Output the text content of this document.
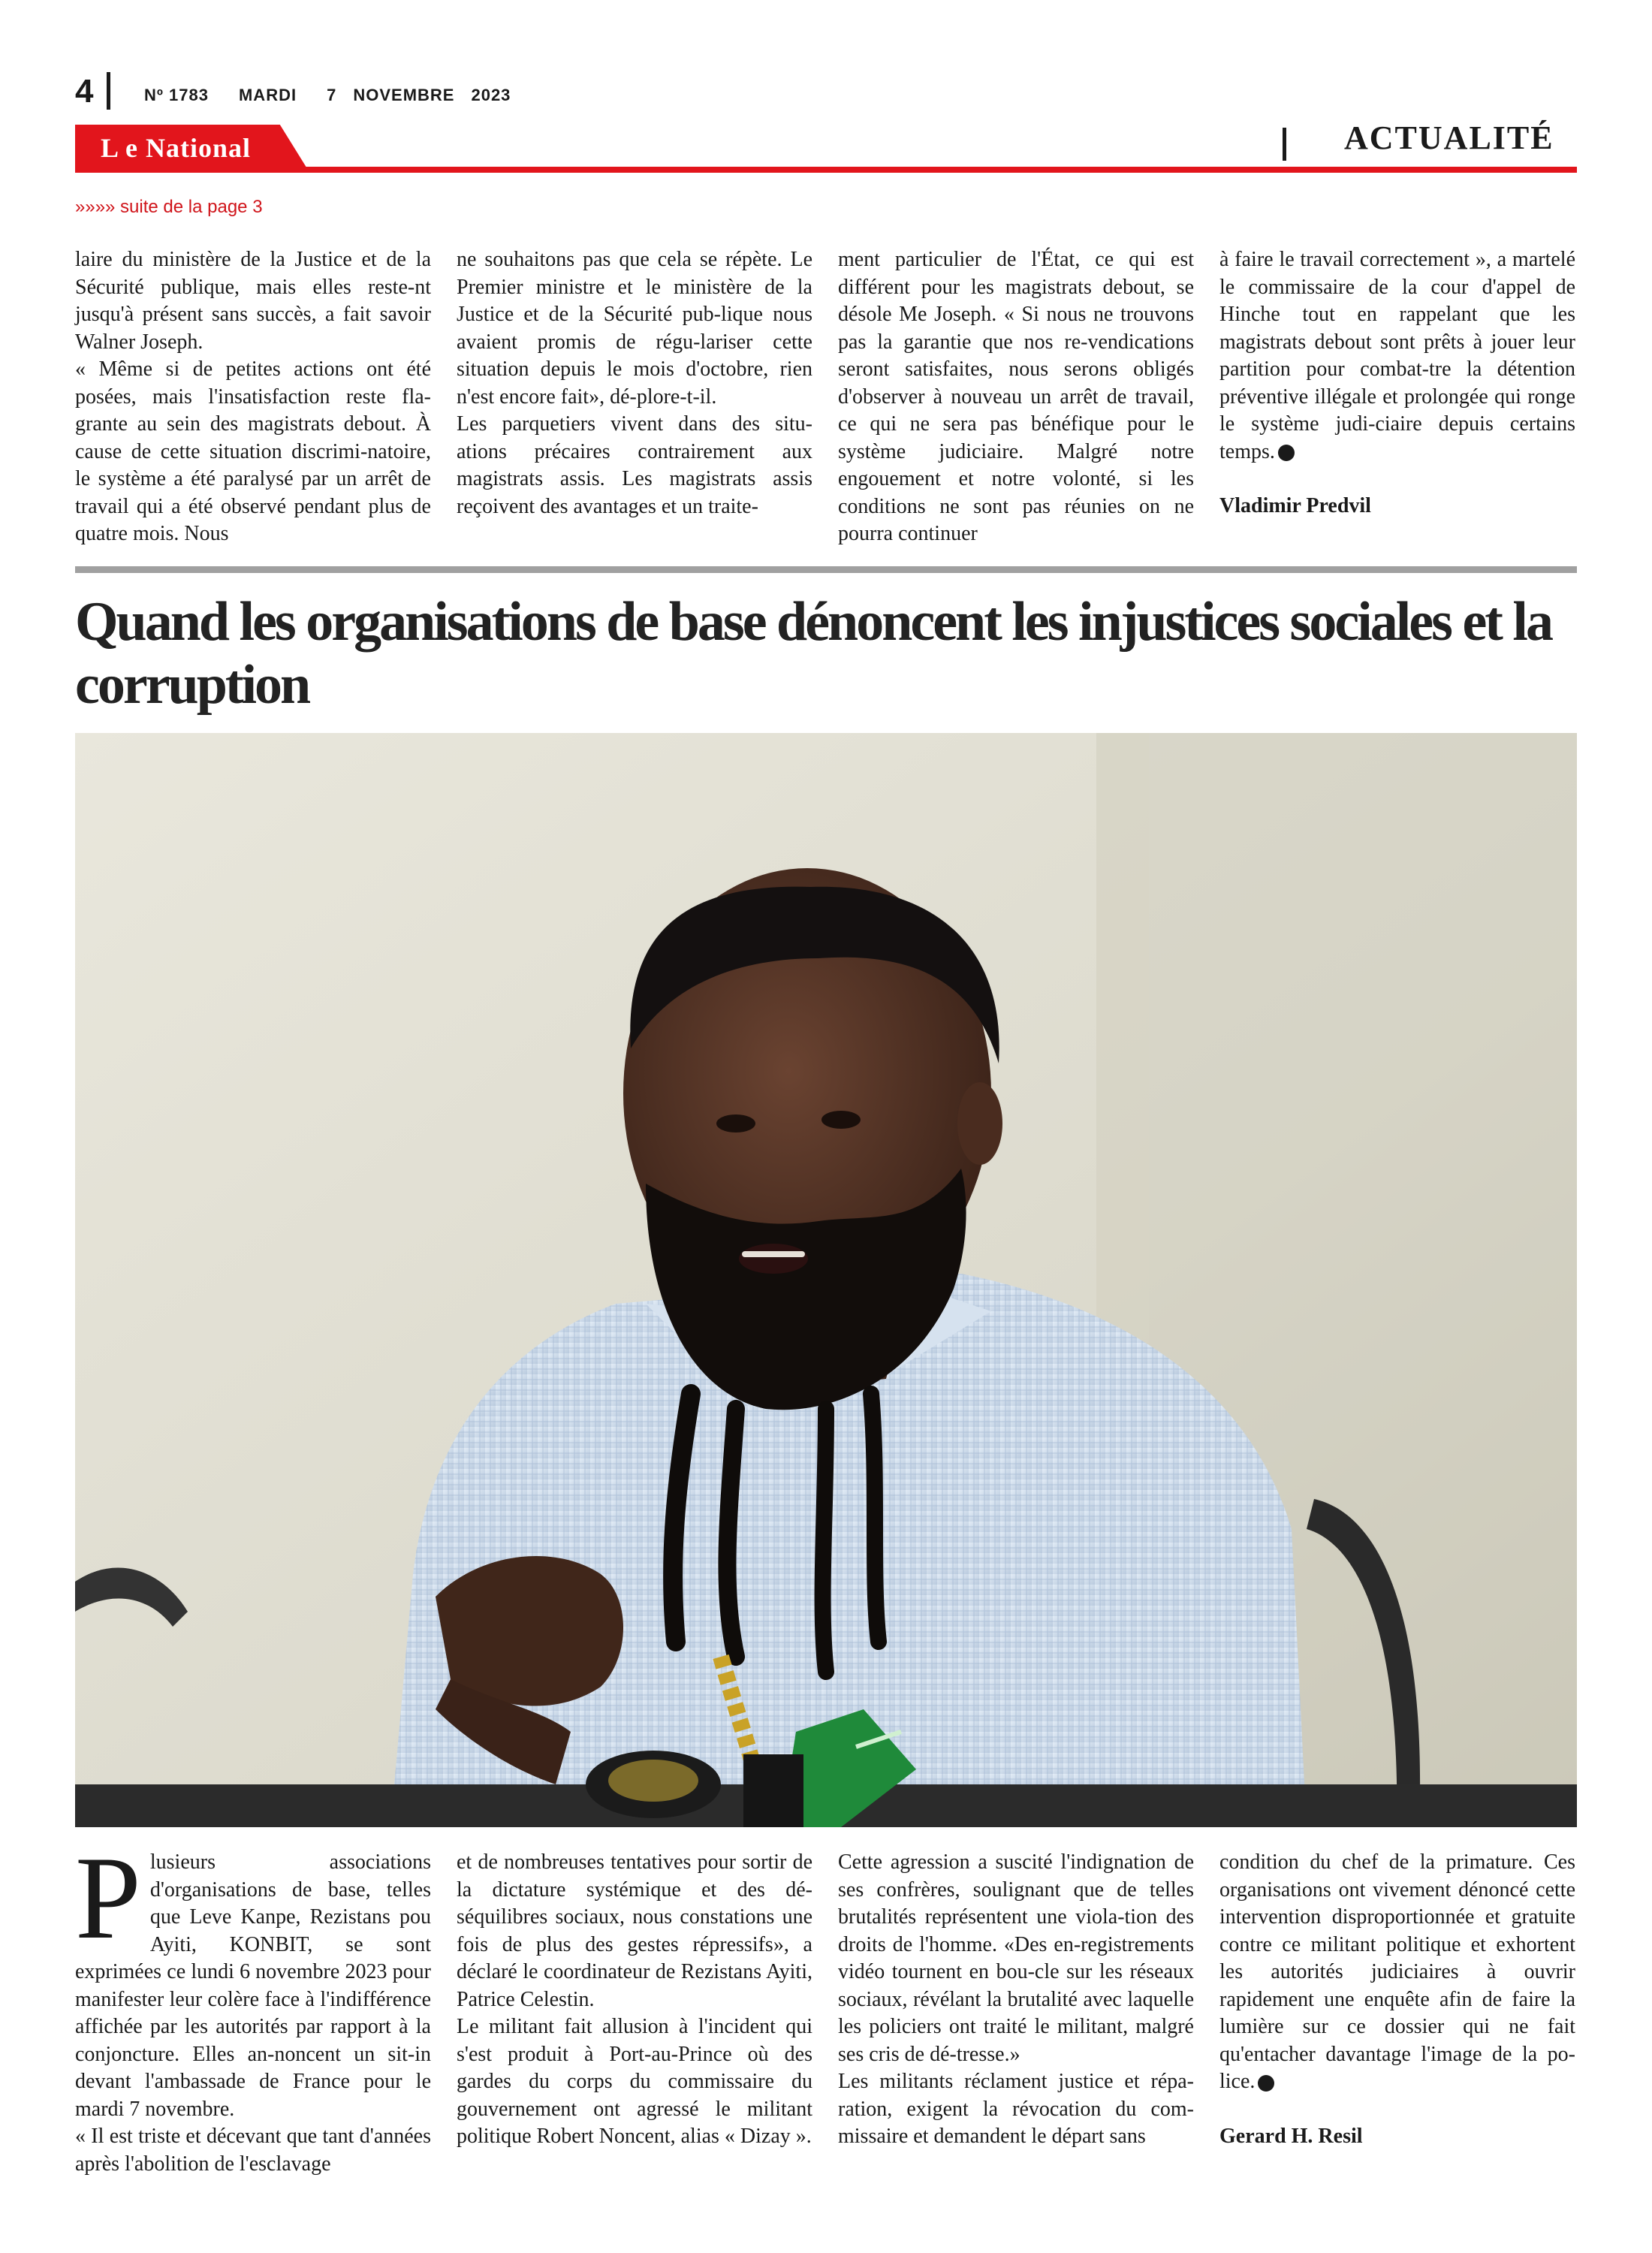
4	Nº 1783 MARDI 7 NOVEMBRE 2023
L e National	ACTUALITÉ
»»»» suite de la page 3

laire du ministère de la Justice et de la Sécurité publique, mais elles reste-nt jusqu'à présent sans succès, a fait savoir Walner Joseph.

« Même si de petites actions ont été posées, mais l'insatisfaction reste fla-grante au sein des magistrats debout. À cause de cette situation discrimi-natoire, le système a été paralysé par un arrêt de travail qui a été observé pendant plus de quatre mois. Nous

ne souhaitons pas que cela se répète. Le Premier ministre et le ministère de la Justice et de la Sécurité pub-lique nous avaient promis de régu-lariser cette situation depuis le mois d'octobre, rien n'est encore fait», dé-plore-t-il.

Les parquetiers vivent dans des situ-ations précaires contrairement aux magistrats assis. Les magistrats assis reçoivent des avantages et un traite-

ment particulier de l'État, ce qui est différent pour les magistrats debout, se désole Me Joseph. « Si nous ne trouvons pas la garantie que nos re-vendications seront satisfaites, nous serons obligés d'observer à nouveau un arrêt de travail, ce qui ne sera pas bénéfique pour le système judiciaire. Malgré notre engouement et notre volonté, si les conditions ne sont pas réunies on ne pourra continuer

à faire le travail correctement », a martelé le commissaire de la cour d'appel de Hinche tout en rappelant que les magistrats debout sont prêts à jouer leur partition pour combat-tre la détention préventive illégale et prolongée qui ronge le système judi-ciaire depuis certains temps.

Vladimir Predvil

Quand les organisations de base dénoncent les injustices sociales et la corruption

Plusieurs associations d'organisations de base, telles que Leve Kanpe, Rezistans pou Ayiti, KONBIT, se sont exprimées ce lundi 6 novembre 2023 pour manifester leur colère face à l'indifférence affichée par les autorités par rapport à la conjoncture. Elles an-noncent un sit-in devant l'ambassade de France pour le mardi 7 novembre.

« Il est triste et décevant que tant d'années après l'abolition de l'esclavage

et de nombreuses tentatives pour sortir de la dictature systémique et des dé-séquilibres sociaux, nous constations une fois de plus des gestes répressifs», a déclaré le coordinateur de Rezistans Ayiti, Patrice Celestin.

Le militant fait allusion à l'incident qui s'est produit à Port-au-Prince où des gardes du corps du commissaire du gouvernement ont agressé le militant politique Robert Noncent, alias « Dizay ».

Cette agression a suscité l'indignation de ses confrères, soulignant que de telles brutalités représentent une viola-tion des droits de l'homme. «Des en-registrements vidéo tournent en bou-cle sur les réseaux sociaux, révélant la brutalité avec laquelle les policiers ont traité le militant, malgré ses cris de dé-tresse.»

Les militants réclament justice et répa-ration, exigent la révocation du com-missaire et demandent le départ sans

condition du chef de la primature. Ces organisations ont vivement dénoncé cette intervention disproportionnée et gratuite contre ce militant politique et exhortent les autorités judiciaires à ouvrir rapidement une enquête afin de faire la lumière sur ce dossier qui ne fait qu'entacher davantage l'image de la po-lice.

Gerard H. Resil
